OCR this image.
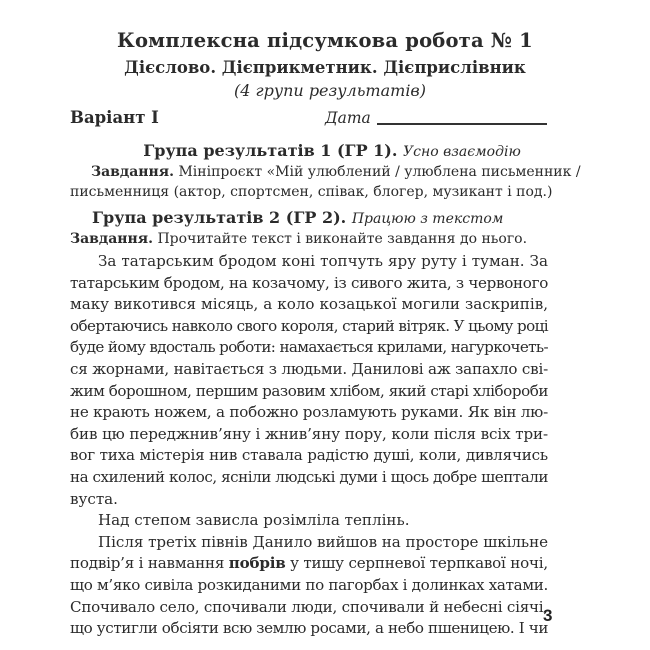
Комплексна підсумкова робота № 1
Дієслово. Дієприкметник. Дієприслівник
(4 групи результатів)
Варіант I	Дата
Група результатів 1 (ГР 1). Усно взаємодію
Завдання. Мініпроєкт «Мій улюблений / улюблена письменник /
письменниця (актор, спортсмен, співак, блогер, музикант і под.)
Група результатів 2 (ГР 2). Працюю з текстом
Завдання. Прочитайте текст і виконайте завдання до нього.
За татарським бродом коні топчуть яру руту і туман. За
татарським бродом, на козачому, із сивого жита, з червоного
маку викотився місяць, а коло козацької могили заскрипів,
обертаючись навколо свого короля, старий вітряк. У цьому році
буде йому вдосталь роботи: намахається крилами, нагуркочеть-
ся жорнами, навітається з людьми. Данилові аж запахло сві-
жим борошном, першим разовим хлібом, який старі хлібороби
не крають ножем, а побожно розламують руками. Як він лю-
бив цю переджнив’яну і жнив’яну пору, коли після всіх три-
вог тиха містерія нив ставала радістю душі, коли, дивлячись
на схилений колос, ясніли людські думи і щось добре шептали
вуста.
Над степом зависла розімліла теплінь.
Після третіх півнів Данило вийшов на просторе шкільне
подвір’я і навмання побрів у тишу серпневої терпкавої ночі,
що м’яко сивіла розкиданими по пагорбах і долинках хатами.
Спочивало село, спочивали люди, спочивали й небесні сіячі,
що устигли обсіяти всю землю росами, а небо пшеницею. І чи
3
